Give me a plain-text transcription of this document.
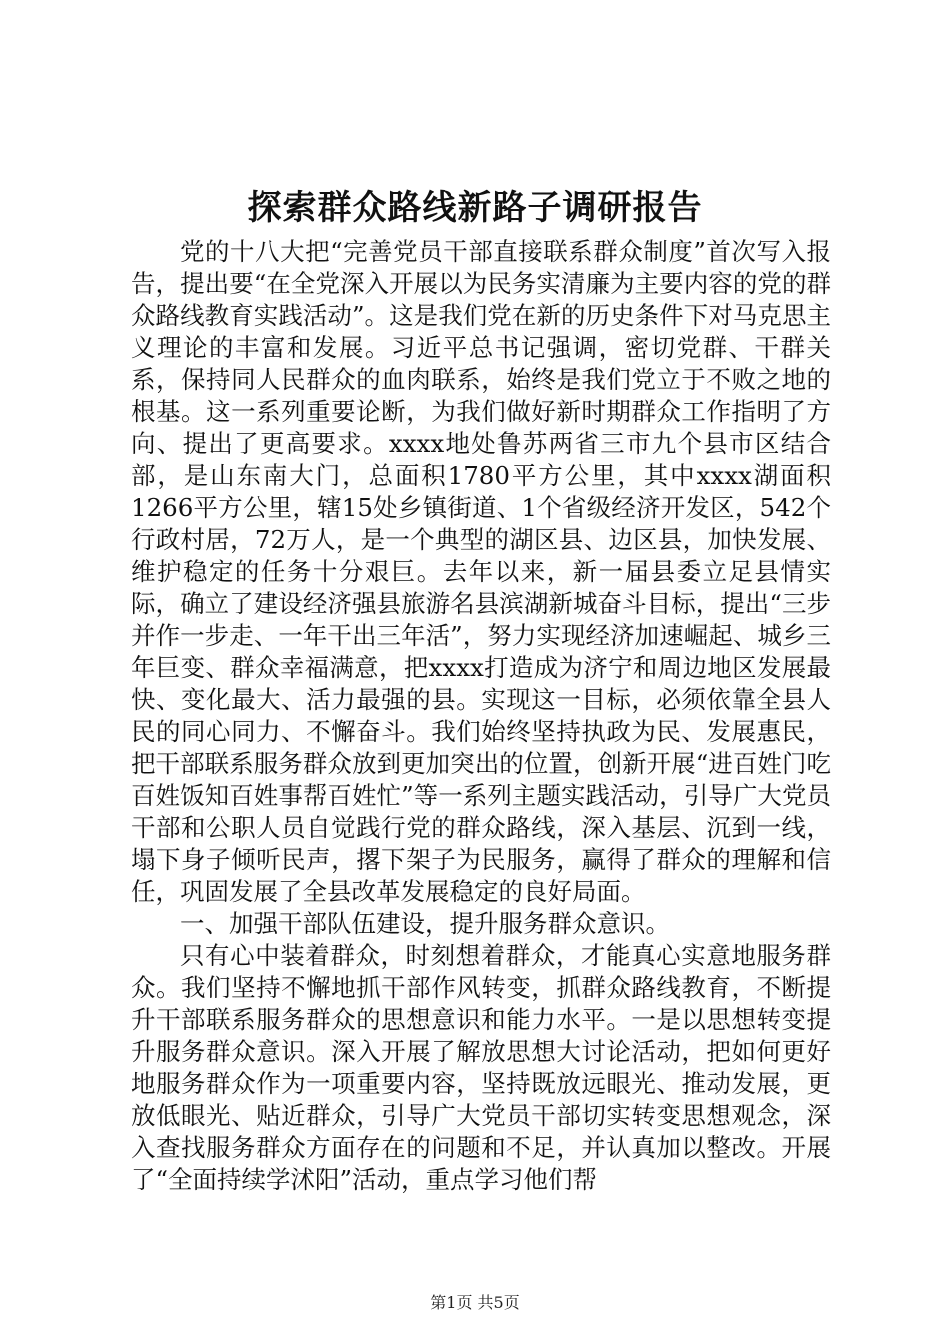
探索群众路线新路子调研报告

党的十八大把“完善党员干部直接联系群众制度”首次写入报告，提出要“在全党深入开展以为民务实清廉为主要内容的党的群众路线教育实践活动”。这是我们党在新的历史条件下对马克思主义理论的丰富和发展。习近平总书记强调，密切党群、干群关系，保持同人民群众的血肉联系，始终是我们党立于不败之地的根基。这一系列重要论断，为我们做好新时期群众工作指明了方向、提出了更高要求。xxxx地处鲁苏两省三市九个县市区结合部，是山东南大门，总面积1780平方公里，其中xxxx湖面积1266平方公里，辖15处乡镇街道、1个省级经济开发区，542个行政村居，72万人，是一个典型的湖区县、边区县，加快发展、维护稳定的任务十分艰巨。去年以来，新一届县委立足县情实际，确立了建设经济强县旅游名县滨湖新城奋斗目标，提出“三步并作一步走、一年干出三年活”，努力实现经济加速崛起、城乡三年巨变、群众幸福满意，把xxxx打造成为济宁和周边地区发展最快、变化最大、活力最强的县。实现这一目标，必须依靠全县人民的同心同力、不懈奋斗。我们始终坚持执政为民、发展惠民，把干部联系服务群众放到更加突出的位置，创新开展“进百姓门吃百姓饭知百姓事帮百姓忙”等一系列主题实践活动，引导广大党员干部和公职人员自觉践行党的群众路线，深入基层、沉到一线，塌下身子倾听民声，撂下架子为民服务，赢得了群众的理解和信任，巩固发展了全县改革发展稳定的良好局面。

一、加强干部队伍建设，提升服务群众意识。

只有心中装着群众，时刻想着群众，才能真心实意地服务群众。我们坚持不懈地抓干部作风转变，抓群众路线教育，不断提升干部联系服务群众的思想意识和能力水平。一是以思想转变提升服务群众意识。深入开展了解放思想大讨论活动，把如何更好地服务群众作为一项重要内容，坚持既放远眼光、推动发展，更放低眼光、贴近群众，引导广大党员干部切实转变思想观念，深入查找服务群众方面存在的问题和不足，并认真加以整改。开展了“全面持续学沭阳”活动，重点学习他们帮

第1页 共5页
